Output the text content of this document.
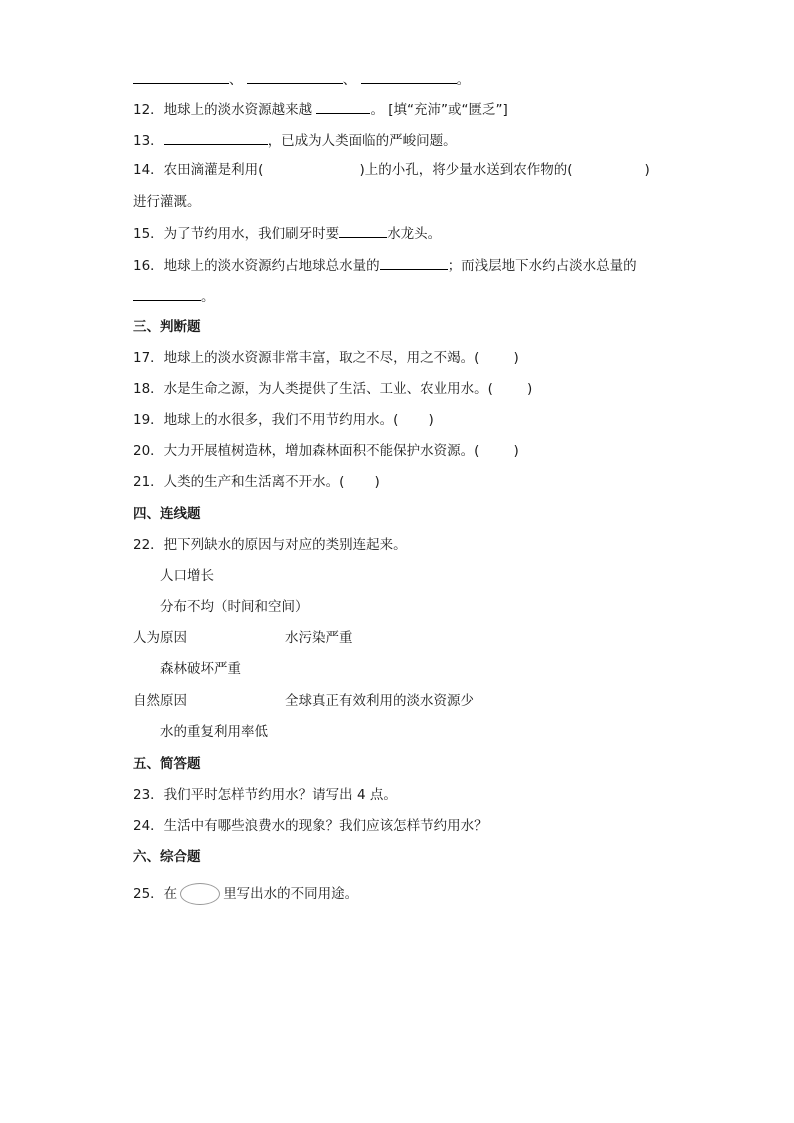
、	、	。
12．地球上的淡水资源越来越	。 [填“充沛”或“匮乏”]
13．	，已成为人类面临的严峻问题。
14．农田滴灌是利用(	)上的小孔，将少量水送到农作物的(	)
进行灌溉。
15．为了节约用水，我们刷牙时要	水龙头。
16．地球上的淡水资源约占地球总水量的	；而浅层地下水约占淡水总量的
。
三、判断题
17．地球上的淡水资源非常丰富，取之不尽，用之不竭。(	)
18．水是生命之源，为人类提供了生活、工业、农业用水。(	)
19．地球上的水很多，我们不用节约用水。( )
20．大力开展植树造林，增加森林面积不能保护水资源。(	)
21．人类的生产和生活离不开水。( )
四、连线题
22．把下列缺水的原因与对应的类别连起来。
人口增长
分布不均（时间和空间）
人为原因	水污染严重
森林破坏严重
自然原因	全球真正有效利用的淡水资源少
水的重复利用率低
五、简答题
23．我们平时怎样节约用水？请写出 4 点。
24．生活中有哪些浪费水的现象？我们应该怎样节约用水？
六、综合题
25．在	里写出水的不同用途。
